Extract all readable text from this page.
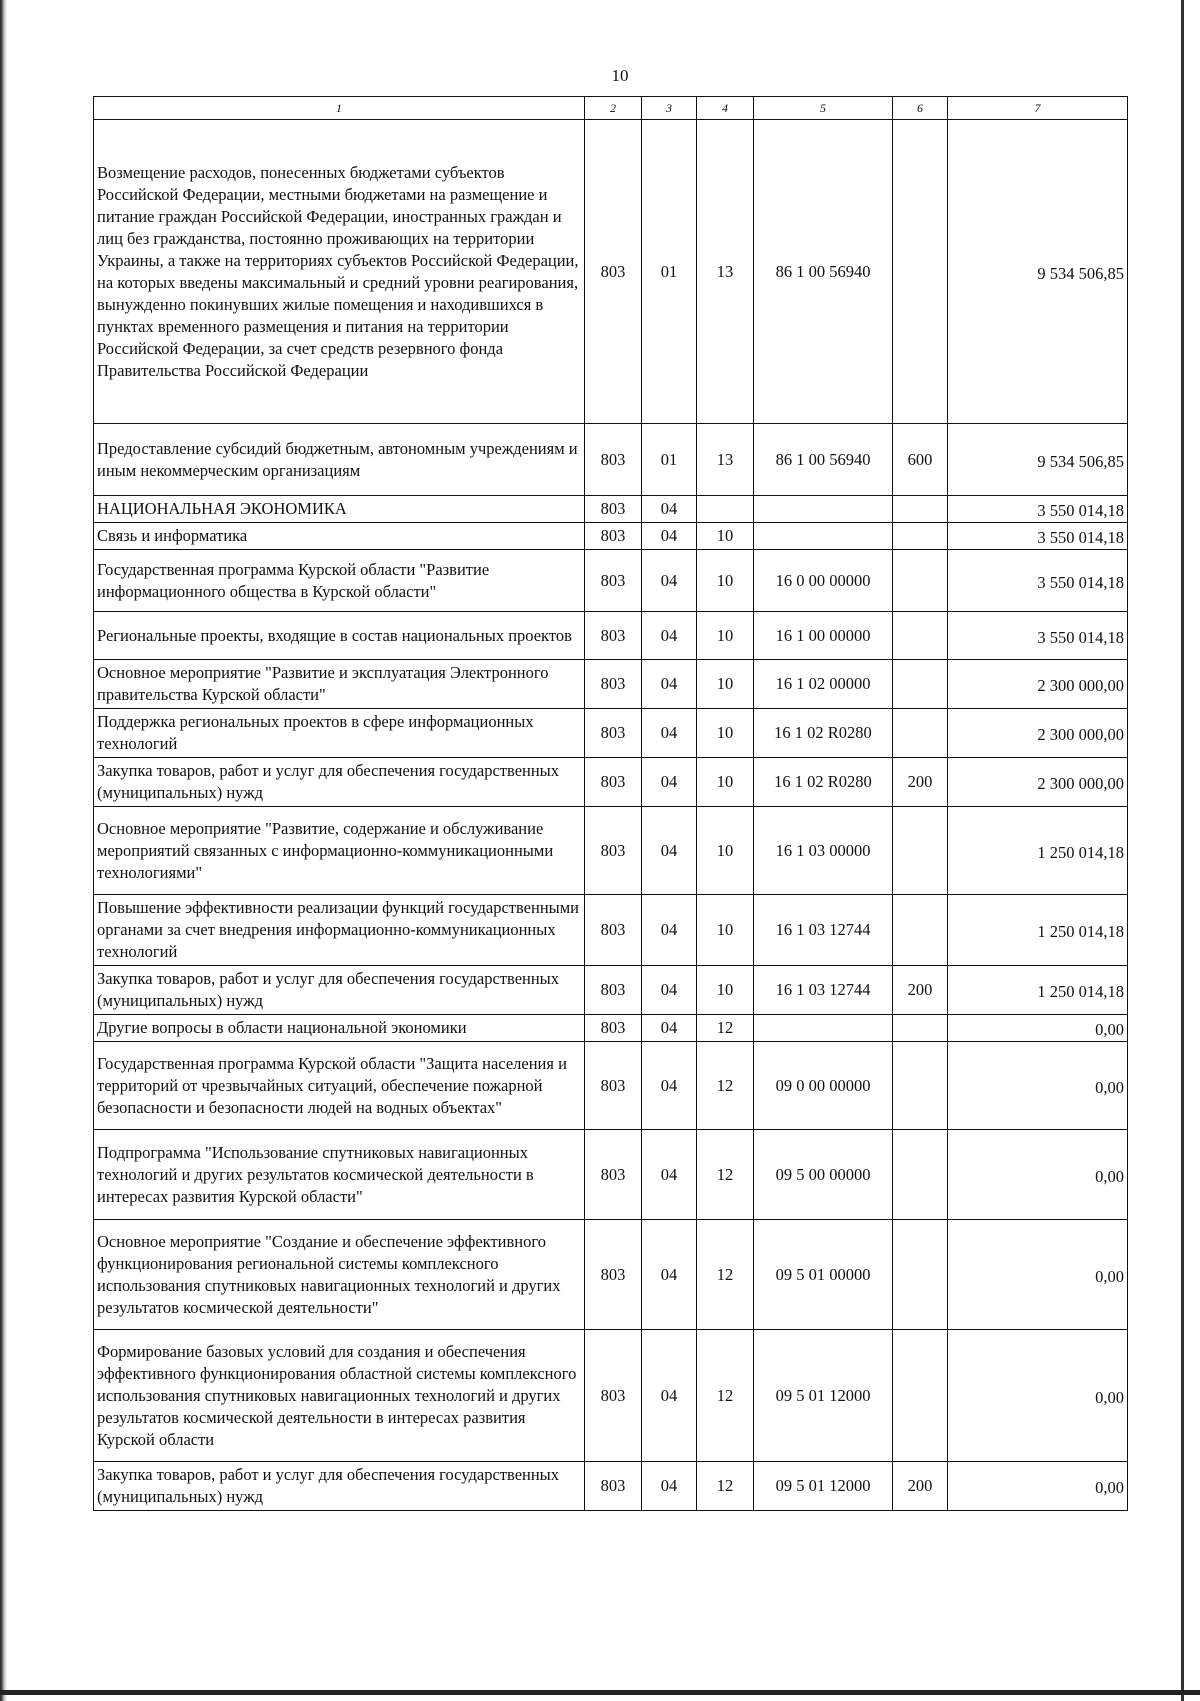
10
1	2	3	4	5	6	7
Возмещение расходов, понесенных бюджетами субъектов Российской Федерации, местными бюджетами на размещение и питание граждан Российской Федерации, иностранных граждан и лиц без гражданства, постоянно проживающих на территории Украины, а также на территориях субъектов Российской Федерации, на которых введены максимальный и средний уровни реагирования, вынужденно покинувших жилые помещения и находившихся в пунктах временного размещения и питания на территории Российской Федерации, за счет средств резервного фонда Правительства Российской Федерации	803	01	13	86 1 00 56940		9 534 506,85
Предоставление субсидий бюджетным, автономным учреждениям и иным некоммерческим организациям	803	01	13	86 1 00 56940	600	9 534 506,85
НАЦИОНАЛЬНАЯ ЭКОНОМИКА	803	04				3 550 014,18
Связь и информатика	803	04	10			3 550 014,18
Государственная программа Курской области "Развитие информационного общества в Курской области"	803	04	10	16 0 00 00000		3 550 014,18
Региональные проекты, входящие в состав национальных проектов	803	04	10	16 1 00 00000		3 550 014,18
Основное мероприятие "Развитие и эксплуатация Электронного правительства Курской области"	803	04	10	16 1 02 00000		2 300 000,00
Поддержка региональных проектов в сфере информационных технологий	803	04	10	16 1 02 R0280		2 300 000,00
Закупка товаров, работ и услуг для обеспечения государственных (муниципальных) нужд	803	04	10	16 1 02 R0280	200	2 300 000,00
Основное мероприятие "Развитие, содержание и обслуживание мероприятий связанных с информационно-коммуникационными технологиями"	803	04	10	16 1 03 00000		1 250 014,18
Повышение эффективности реализации функций государственными органами за счет внедрения информационно-коммуникационных технологий	803	04	10	16 1 03 12744		1 250 014,18
Закупка товаров, работ и услуг для обеспечения государственных (муниципальных) нужд	803	04	10	16 1 03 12744	200	1 250 014,18
Другие вопросы в области национальной экономики	803	04	12			0,00
Государственная программа Курской области "Защита населения и территорий от чрезвычайных ситуаций, обеспечение пожарной безопасности и безопасности людей на водных объектах"	803	04	12	09 0 00 00000		0,00
Подпрограмма "Использование спутниковых навигационных технологий и других результатов космической деятельности в интересах развития Курской области"	803	04	12	09 5 00 00000		0,00
Основное мероприятие "Создание и обеспечение эффективного функционирования региональной системы комплексного использования спутниковых навигационных технологий и других результатов космической деятельности"	803	04	12	09 5 01 00000		0,00
Формирование базовых условий для создания и обеспечения эффективного функционирования областной системы комплексного использования спутниковых навигационных технологий и других результатов космической деятельности в интересах развития Курской области	803	04	12	09 5 01 12000		0,00
Закупка товаров, работ и услуг для обеспечения государственных (муниципальных) нужд	803	04	12	09 5 01 12000	200	0,00
